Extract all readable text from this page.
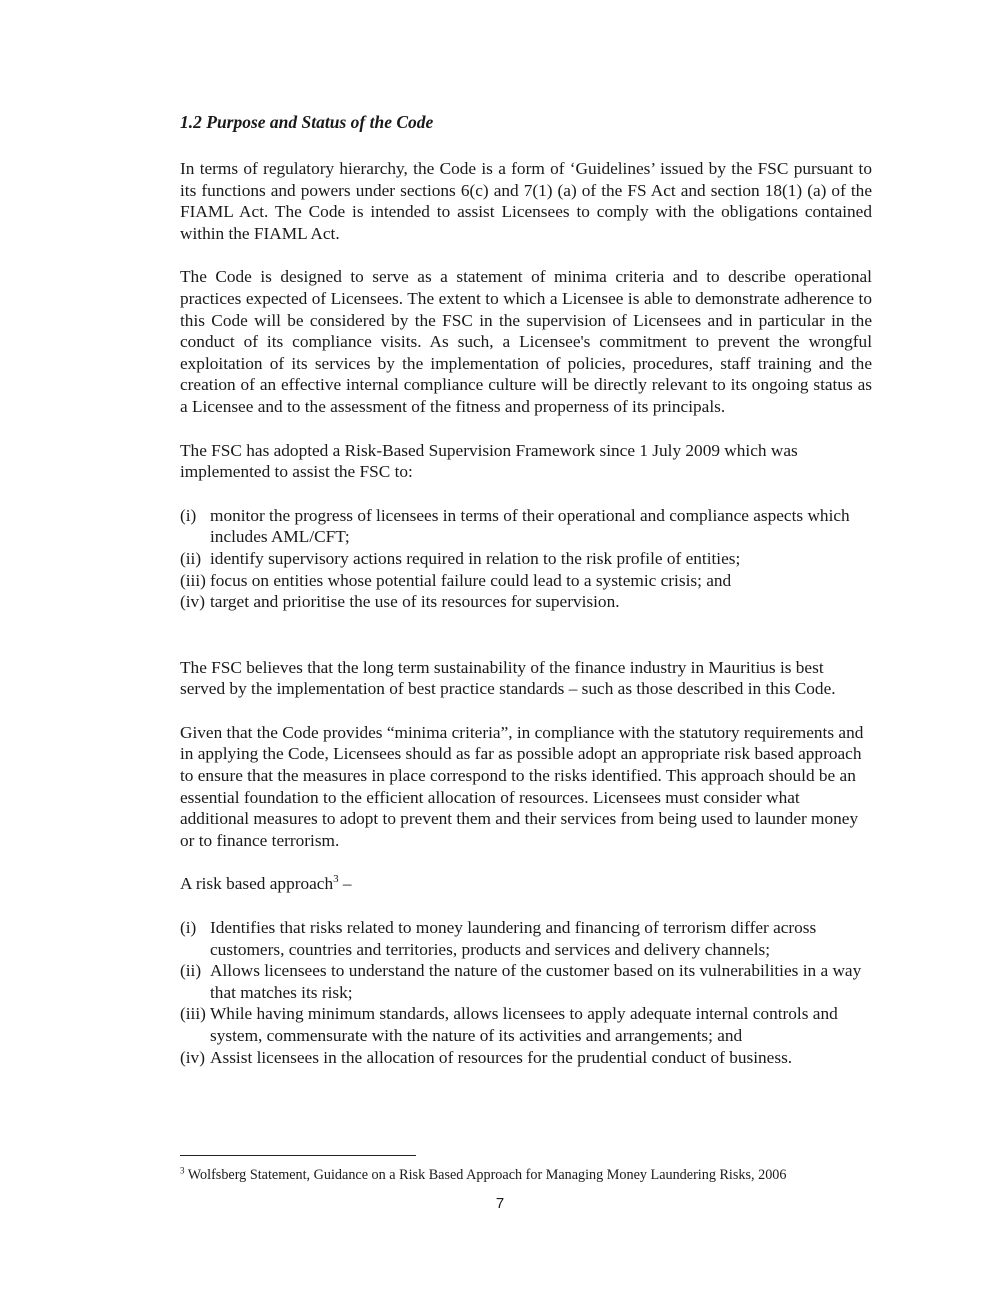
1.2 Purpose and Status of the Code

In terms of regulatory hierarchy, the Code is a form of ‘Guidelines’ issued by the FSC pursuant to its functions and powers under sections 6(c) and 7(1) (a) of the FS Act and section 18(1) (a) of the FIAML Act. The Code is intended to assist Licensees to comply with the obligations contained within the FIAML Act.

The Code is designed to serve as a statement of minima criteria and to describe operational practices expected of Licensees. The extent to which a Licensee is able to demonstrate adherence to this Code will be considered by the FSC in the supervision of Licensees and in particular in the conduct of its compliance visits. As such, a Licensee's commitment to prevent the wrongful exploitation of its services by the implementation of policies, procedures, staff training and the creation of an effective internal compliance culture will be directly relevant to its ongoing status as a Licensee and to the assessment of the fitness and properness of its principals.

The FSC has adopted a Risk-Based Supervision Framework since 1 July 2009 which was implemented to assist the FSC to:

(i) monitor the progress of licensees in terms of their operational and compliance aspects which includes AML/CFT;
(ii) identify supervisory actions required in relation to the risk profile of entities;
(iii) focus on entities whose potential failure could lead to a systemic crisis; and
(iv) target and prioritise the use of its resources for supervision.

The FSC believes that the long term sustainability of the finance industry in Mauritius is best served by the implementation of best practice standards – such as those described in this Code.

Given that the Code provides “minima criteria”, in compliance with the statutory requirements and in applying the Code, Licensees should as far as possible adopt an appropriate risk based approach to ensure that the measures in place correspond to the risks identified. This approach should be an essential foundation to the efficient allocation of resources. Licensees must consider what additional measures to adopt to prevent them and their services from being used to launder money or to finance terrorism.

A risk based approach$^3$ –

(i) Identifies that risks related to money laundering and financing of terrorism differ across customers, countries and territories, products and services and delivery channels;
(ii) Allows licensees to understand the nature of the customer based on its vulnerabilities in a way that matches its risk;
(iii) While having minimum standards, allows licensees to apply adequate internal controls and system, commensurate with the nature of its activities and arrangements; and
(iv) Assist licensees in the allocation of resources for the prudential conduct of business.
$^3$ Wolfsberg Statement, Guidance on a Risk Based Approach for Managing Money Laundering Risks, 2006
7
